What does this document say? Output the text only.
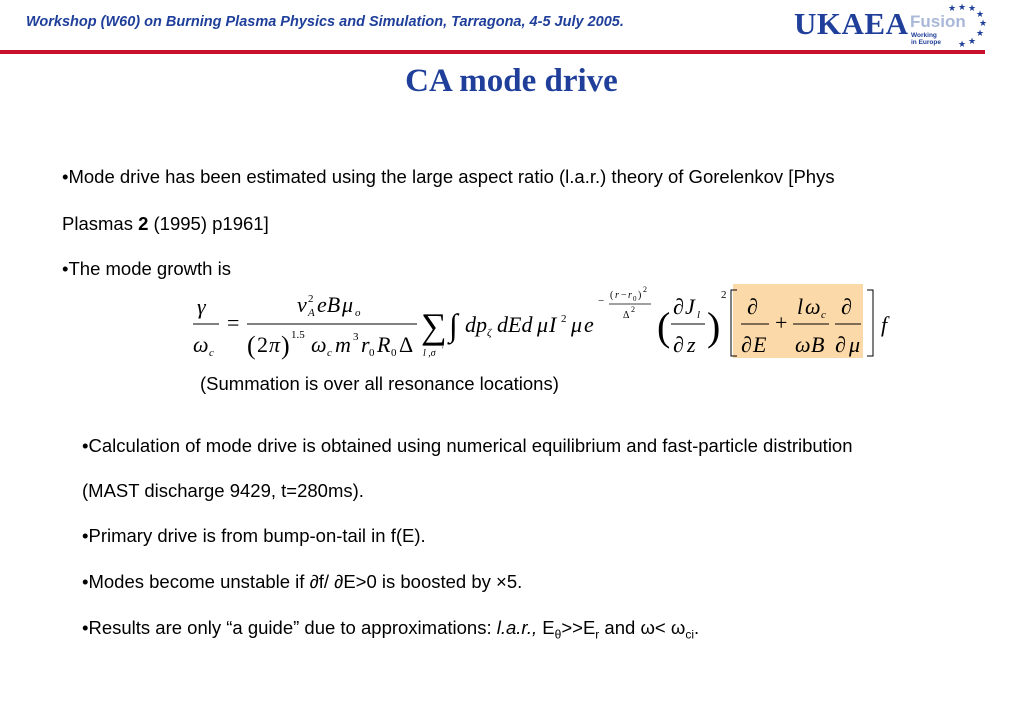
Workshop (W60) on Burning Plasma Physics and Simulation, Tarragona, 4-5 July 2005.	UKAEA Fusion
Working
in Europe
★ ★
★
★
★
★
★
★
CA mode drive
•Mode drive has been estimated using the large aspect ratio (l.a.r.) theory of Gorelenkov [Phys
Plasmas 2 (1995) p1961]
•The mode growth is
γ
ω c
=
v 2
A eB μ o
( 2 π ) 1.5 ω c m 3 r 0 R 0 Δ ∑
l ,σ ′
∫ dp ζ dEd μ I 2 μ e
− ( r − r 0 )
2
Δ
2 ( ∂ J l
∂ z )
2 ∂
∂ E
+
l ω c
ω B
∂
∂ μ
f
(Summation is over all resonance locations)
•Calculation of mode drive is obtained using numerical equilibrium and fast-particle distribution
(MAST discharge 9429, t=280ms).
•Primary drive is from bump-on-tail in f(E).
•Modes become unstable if ∂f/ ∂E>0 is boosted by ×5.
•Results are only “a guide” due to approximations: l.a.r., $E_\theta>>E_r$ and $\omega< \omega_{ci}$.
